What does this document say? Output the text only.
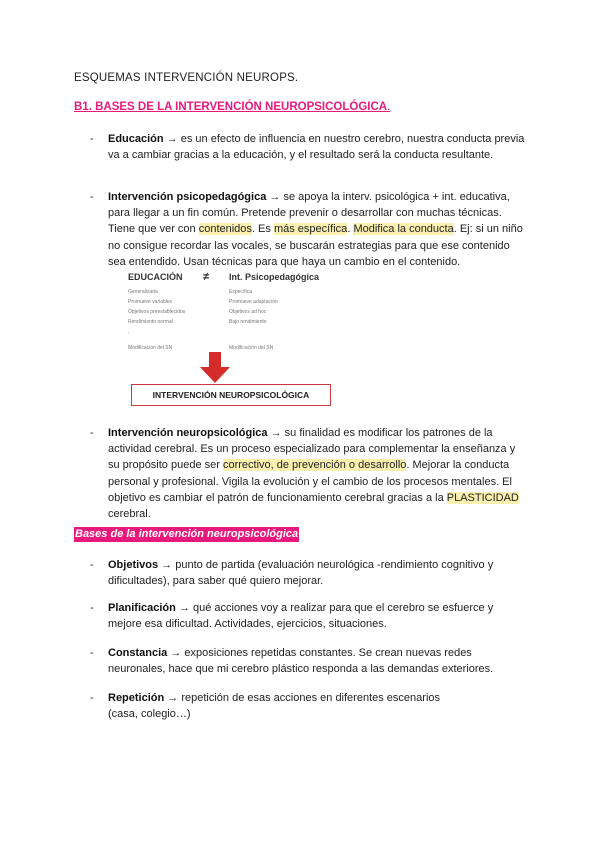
ESQUEMAS INTERVENCIÓN NEUROPS.
B1. BASES DE LA INTERVENCIÓN NEUROPSICOLÓGICA.
- Educación → es un efecto de influencia en nuestro cerebro, nuestra conducta previa va a cambiar gracias a la educación, y el resultado será la conducta resultante.
- Intervención psicopedagógica → se apoya la interv. psicológica + int. educativa, para llegar a un fin común. Pretende prevenir o desarrollar con muchas técnicas. Tiene que ver con contenidos. Es más específica. Modifica la conducta. Ej: si un niño no consigue recordar las vocales, se buscarán estrategias para que ese contenido sea entendido. Usan técnicas para que haya un cambio en el contenido.
EDUCACIÓN ≠ Int. Psicopedagógica
Generalizada
Promueve variables
Objetivos preestablecidos
Rendimiento normal
-
Modificación del SN
Específica
Promueve adaptación
Objetivos ad hoc
Bajo rendimiento
Modificación del SN
INTERVENCIÓN NEUROPSICOLÓGICA
- Intervención neuropsicológica → su finalidad es modificar los patrones de la actividad cerebral. Es un proceso especializado para complementar la enseñanza y su propósito puede ser correctivo, de prevención o desarrollo. Mejorar la conducta personal y profesional. Vigila la evolución y el cambio de los procesos mentales. El objetivo es cambiar el patrón de funcionamiento cerebral gracias a la PLASTICIDAD cerebral.
Bases de la intervención neuropsicológica
- Objetivos → punto de partida (evaluación neurológica -rendimiento cognitivo y dificultades), para saber qué quiero mejorar.
- Planificación → qué acciones voy a realizar para que el cerebro se esfuerce y mejore esa dificultad. Actividades, ejercicios, situaciones.
- Constancia → exposiciones repetidas constantes. Se crean nuevas redes neuronales, hace que mi cerebro plástico responda a las demandas exteriores.
- Repetición → repetición de esas acciones en diferentes escenarios (casa, colegio…)
